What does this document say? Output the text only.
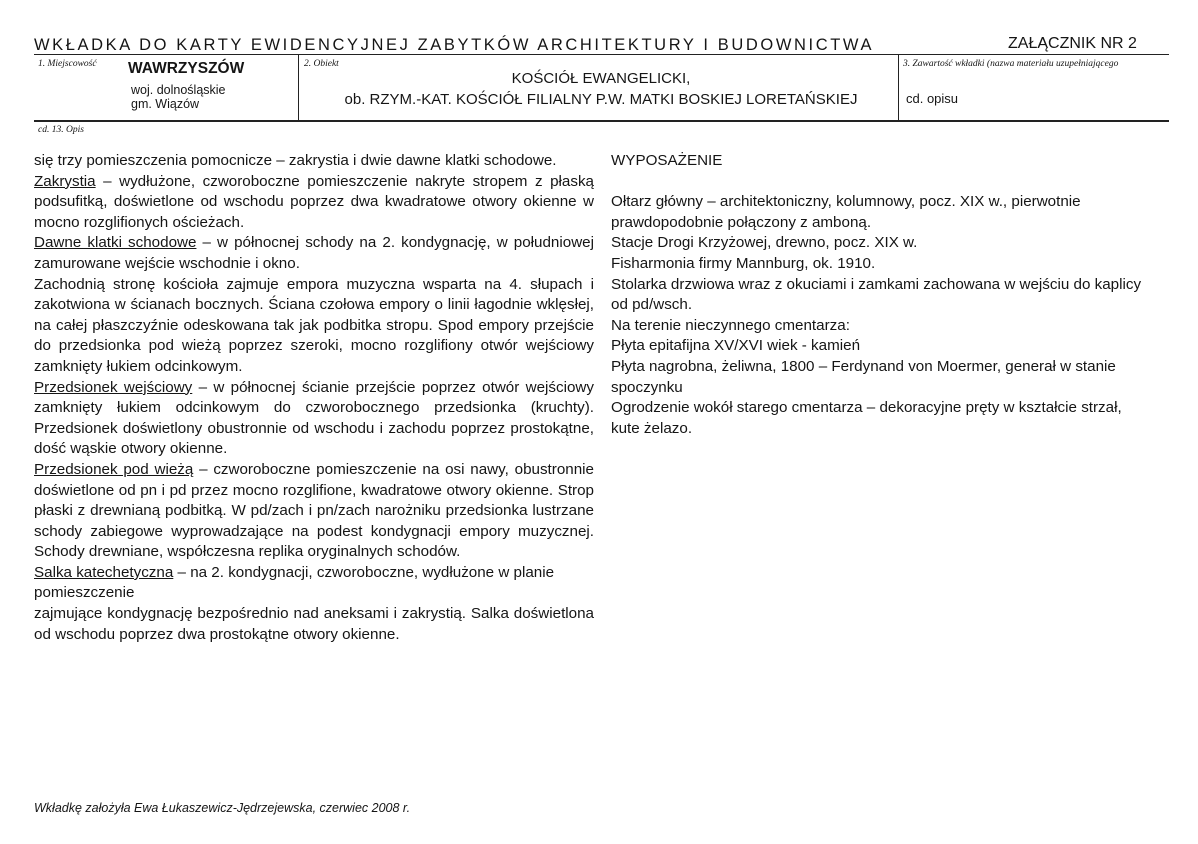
WKŁADKA DO KARTY EWIDENCYJNEJ ZABYTKÓW ARCHITEKTURY I BUDOWNICTWA	ZAŁĄCZNIK NR 2
1. Miejscowość WAWRZYSZÓW
woj. dolnośląskie
gm. Wiązów
2. Obiekt
KOŚCIÓŁ EWANGELICKI,
ob. RZYM.-KAT. KOŚCIÓŁ FILIALNY P.W. MATKI BOSKIEJ LORETAŃSKIEJ
3. Zawartość wkładki (nazwa materiału uzupełniającego
cd. opisu
cd. 13. Opis

się trzy pomieszczenia pomocnicze – zakrystia i dwie dawne klatki schodowe.

Zakrystia – wydłużone, czworoboczne pomieszczenie nakryte stropem z płaską podsufitką, doświetlone od wschodu poprzez dwa kwadratowe otwory okienne w mocno rozglifionych ościeżach.

Dawne klatki schodowe – w północnej schody na 2. kondygnację, w południowej zamurowane wejście wschodnie i okno.

Zachodnią stronę kościoła zajmuje empora muzyczna wsparta na 4. słupach i zakotwiona w ścianach bocznych. Ściana czołowa empory o linii łagodnie wklęsłej, na całej płaszczyźnie odeskowana tak jak podbitka stropu. Spod empory przejście do przedsionka pod wieżą poprzez szeroki, mocno rozglifiony otwór wejściowy zamknięty łukiem odcinkowym.

Przedsionek wejściowy – w północnej ścianie przejście poprzez otwór wejściowy zamknięty łukiem odcinkowym do czworobocznego przedsionka (kruchty). Przedsionek doświetlony obustronnie od wschodu i zachodu poprzez prostokątne, dość wąskie otwory okienne.

Przedsionek pod wieżą – czworoboczne pomieszczenie na osi nawy, obustronnie doświetlone od pn i pd przez mocno rozglifione, kwadratowe otwory okienne. Strop płaski z drewnianą podbitką. W pd/zach i pn/zach narożniku przedsionka lustrzane schody zabiegowe wyprowadzające na podest kondygnacji empory muzycznej. Schody drewniane, współczesna replika oryginalnych schodów.

Salka katechetyczna – na 2. kondygnacji, czworoboczne, wydłużone w planie pomieszczenie

zajmujące kondygnację bezpośrednio nad aneksami i zakrystią. Salka doświetlona od wschodu poprzez dwa prostokątne otwory okienne.

WYPOSAŻENIE

Ołtarz główny – architektoniczny, kolumnowy, pocz. XIX w., pierwotnie prawdopodobnie połączony z amboną.

Stacje Drogi Krzyżowej, drewno, pocz. XIX w.

Fisharmonia firmy Mannburg, ok. 1910.

Stolarka drzwiowa wraz z okuciami i zamkami zachowana w wejściu do kaplicy od pd/wsch.

Na terenie nieczynnego cmentarza:

Płyta epitafijna XV/XVI wiek - kamień

Płyta nagrobna, żeliwna, 1800 – Ferdynand von Moermer, generał w stanie spoczynku

Ogrodzenie wokół starego cmentarza – dekoracyjne pręty w kształcie strzał, kute żelazo.

Wkładkę założyła Ewa Łukaszewicz-Jędrzejewska, czerwiec 2008 r.
